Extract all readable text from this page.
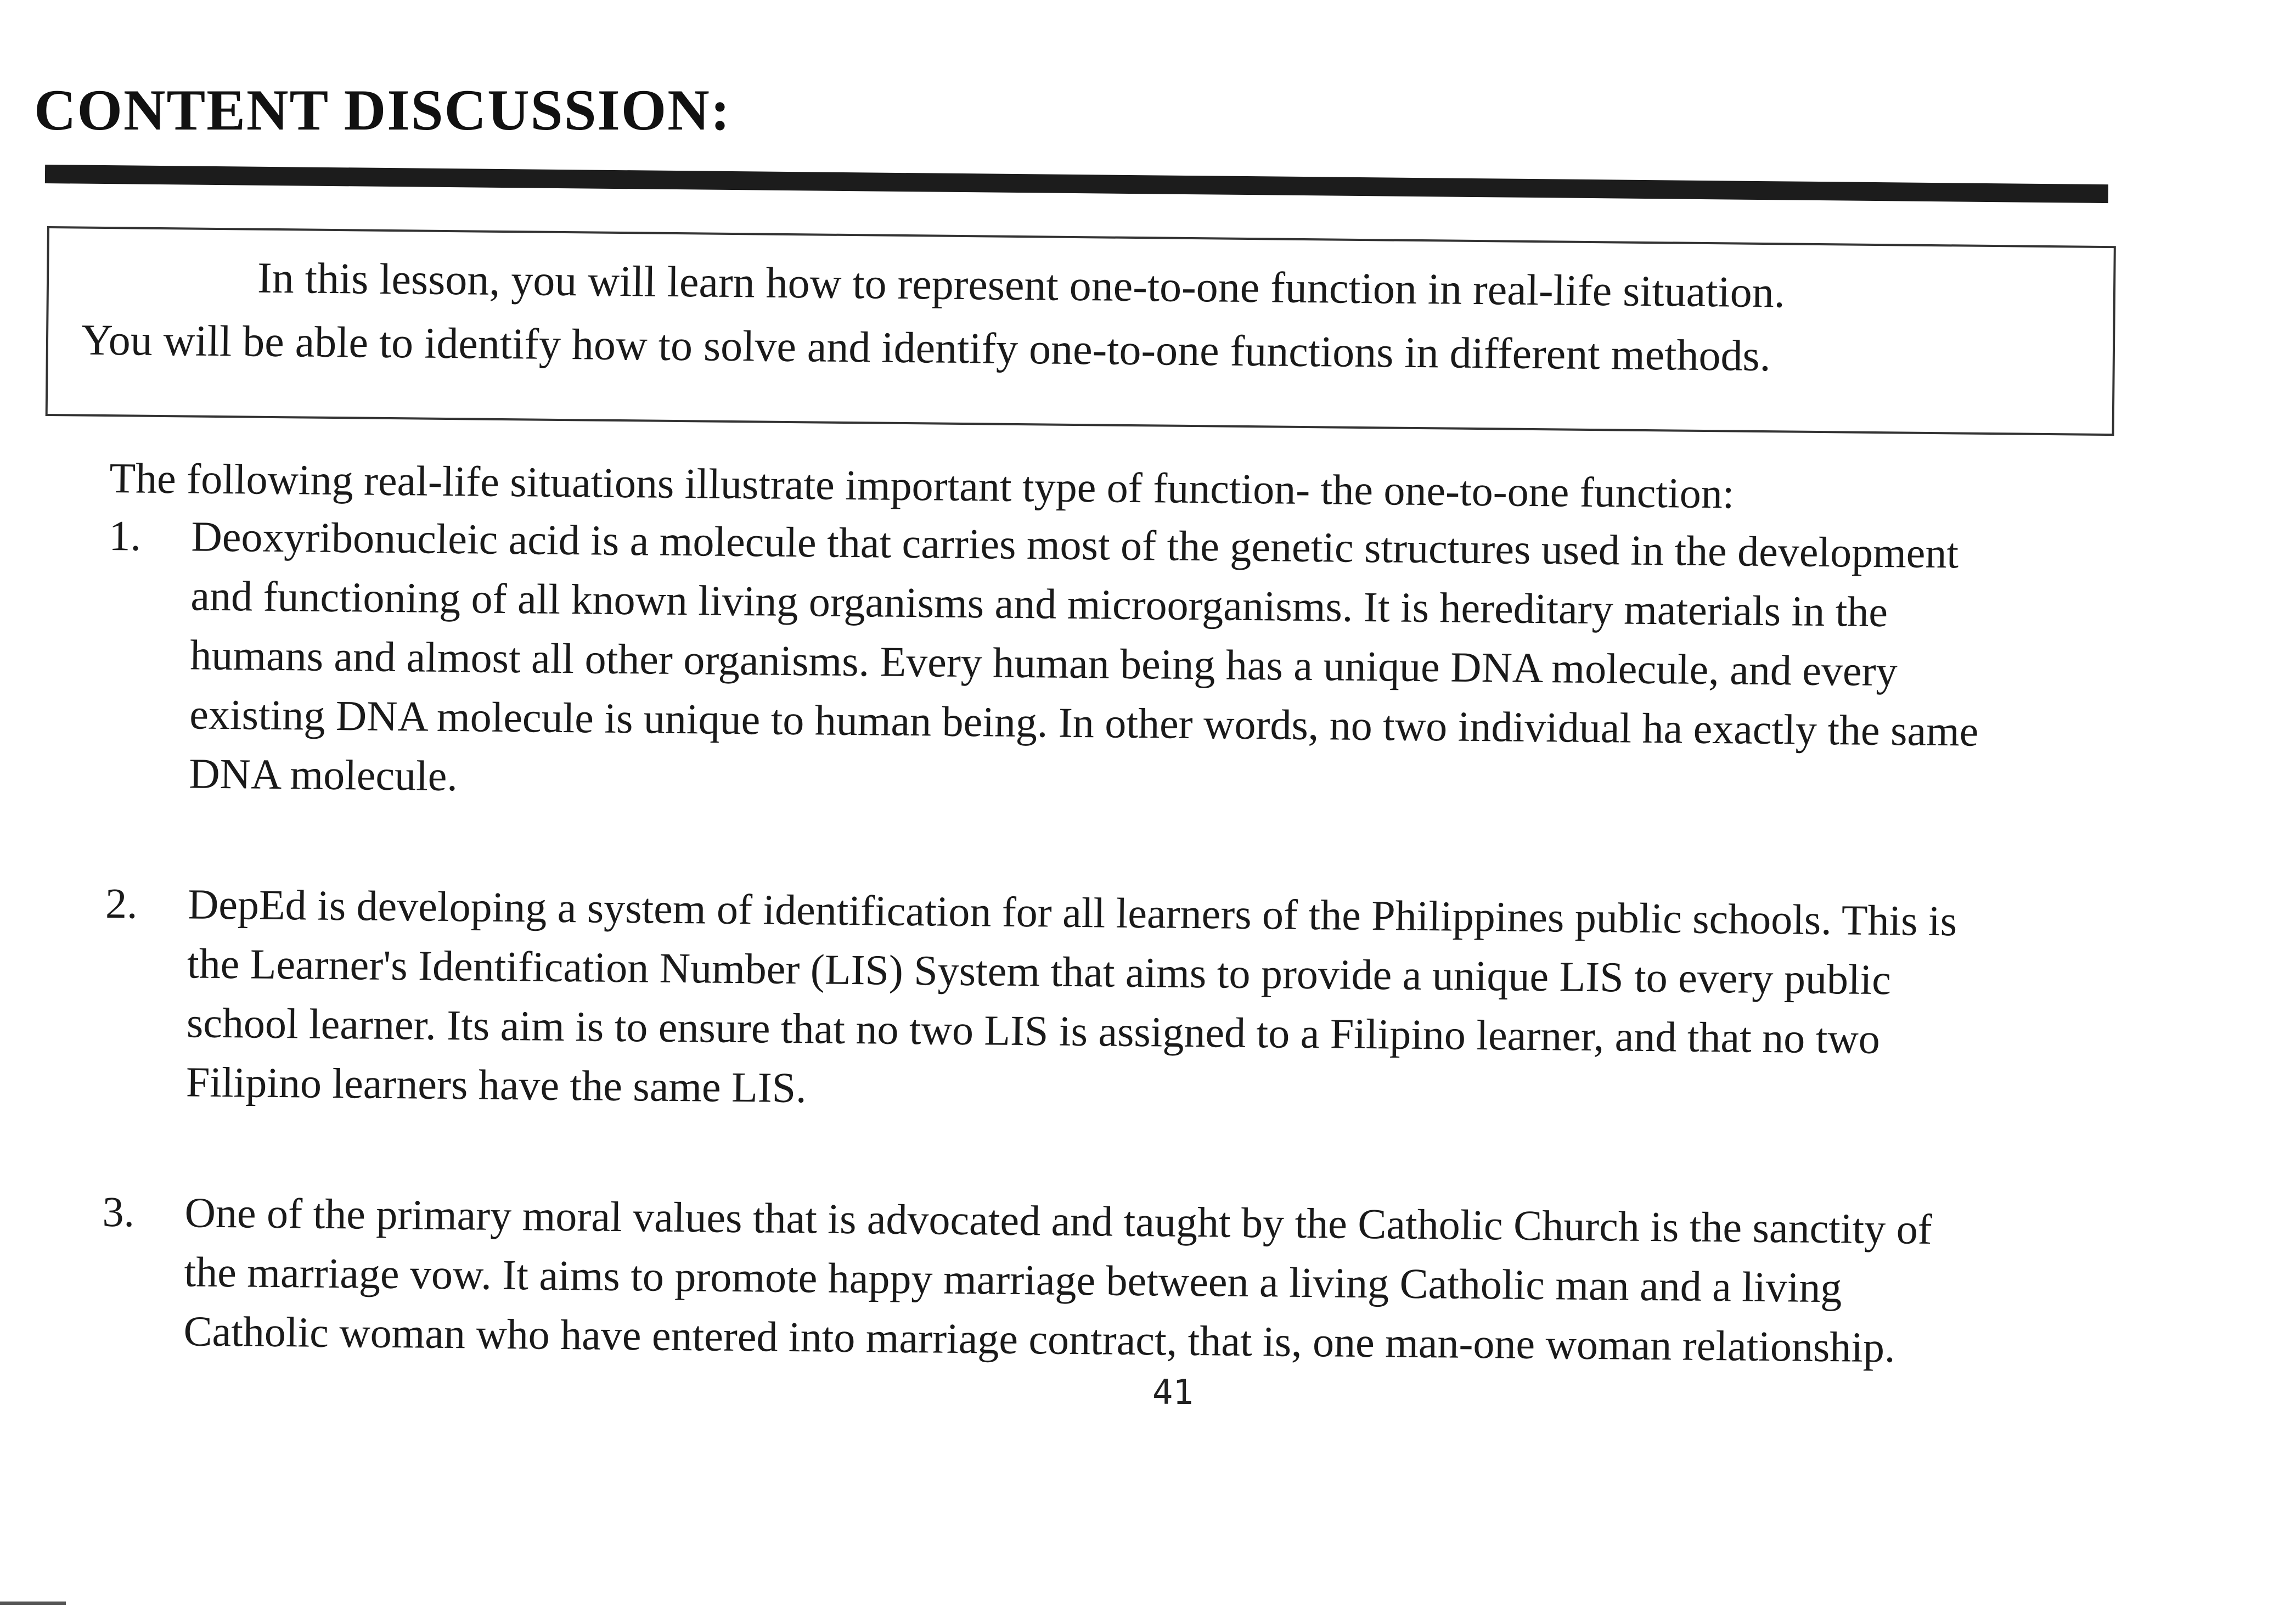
CONTENT DISCUSSION:
In this lesson, you will learn how to represent one-to-one function in real-life situation.
You will be able to identify how to solve and identify one-to-one functions in different methods.

The following real-life situations illustrate important type of function- the one-to-one function:

1. Deoxyribonucleic acid is a molecule that carries most of the genetic structures used in the development
and functioning of all known living organisms and microorganisms. It is hereditary materials in the
humans and almost all other organisms. Every human being has a unique DNA molecule, and every
existing DNA molecule is unique to human being. In other words, no two individual ha exactly the same
DNA molecule.
2. DepEd is developing a system of identification for all learners of the Philippines public schools. This is
the Learner's Identification Number (LIS) System that aims to provide a unique LIS to every public
school learner. Its aim is to ensure that no two LIS is assigned to a Filipino learner, and that no two
Filipino learners have the same LIS.
3. One of the primary moral values that is advocated and taught by the Catholic Church is the sanctity of
the marriage vow. It aims to promote happy marriage between a living Catholic man and a living
Catholic woman who have entered into marriage contract, that is, one man-one woman relationship.
41
